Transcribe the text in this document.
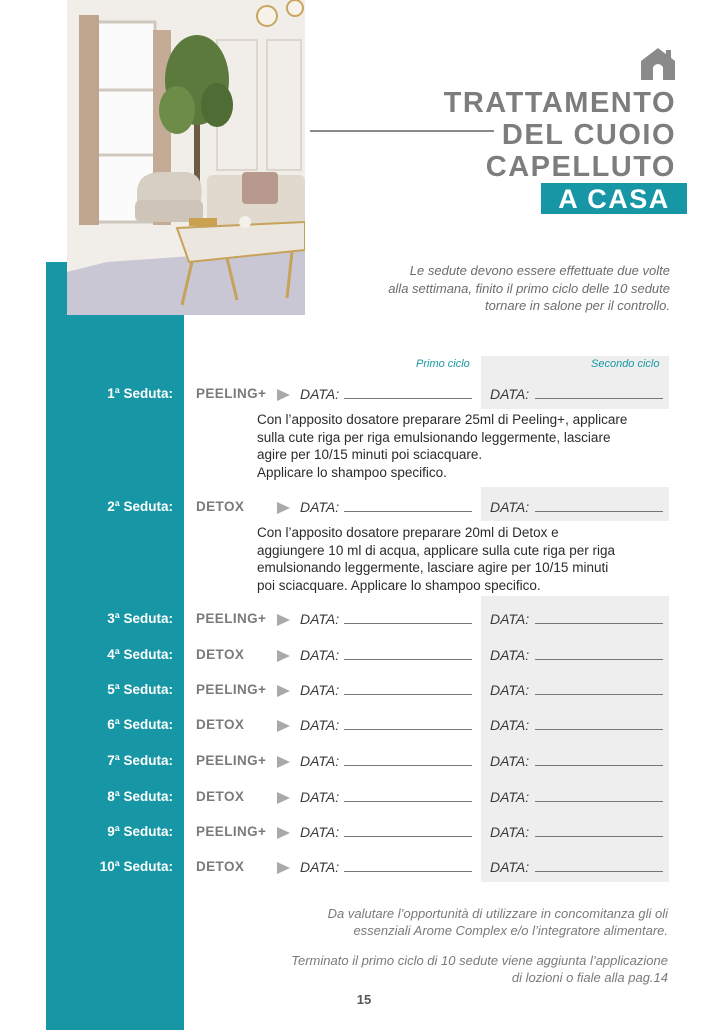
TRATTAMENTO
DEL CUOIO
CAPELLUTO
A CASA
Le sedute devono essere effettuate due volte
alla settimana, finito il primo ciclo delle 10 sedute
tornare in salone per il controllo.
Primo ciclo	Secondo ciclo
1ª Seduta: PEELING+ DATA:	DATA:
Con l’apposito dosatore preparare 25ml di Peeling+, applicare
sulla cute riga per riga emulsionando leggermente, lasciare
agire per 10/15 minuti poi sciacquare.
Applicare lo shampoo specifico.
2ª Seduta: DETOX	DATA:	DATA:
Con l’apposito dosatore preparare 20ml di Detox e
aggiungere 10 ml di acqua, applicare sulla cute riga per riga
emulsionando leggermente, lasciare agire per 10/15 minuti
poi sciacquare. Applicare lo shampoo specifico.
3ª Seduta: PEELING+ DATA:	DATA:
4ª Seduta: DETOX	DATA:	DATA:
5ª Seduta: PEELING+ DATA:	DATA:
6ª Seduta: DETOX	DATA:	DATA:
7ª Seduta: PEELING+ DATA:	DATA:
8ª Seduta: DETOX	DATA:	DATA:
9ª Seduta: PEELING+ DATA:	DATA:
10ª Seduta: DETOX	DATA:	DATA:
Da valutare l’opportunità di utilizzare in concomitanza gli oli
essenziali Arome Complex e/o l’integratore alimentare.
Terminato il primo ciclo di 10 sedute viene aggiunta l’applicazione
di lozioni o fiale alla pag.14
15
